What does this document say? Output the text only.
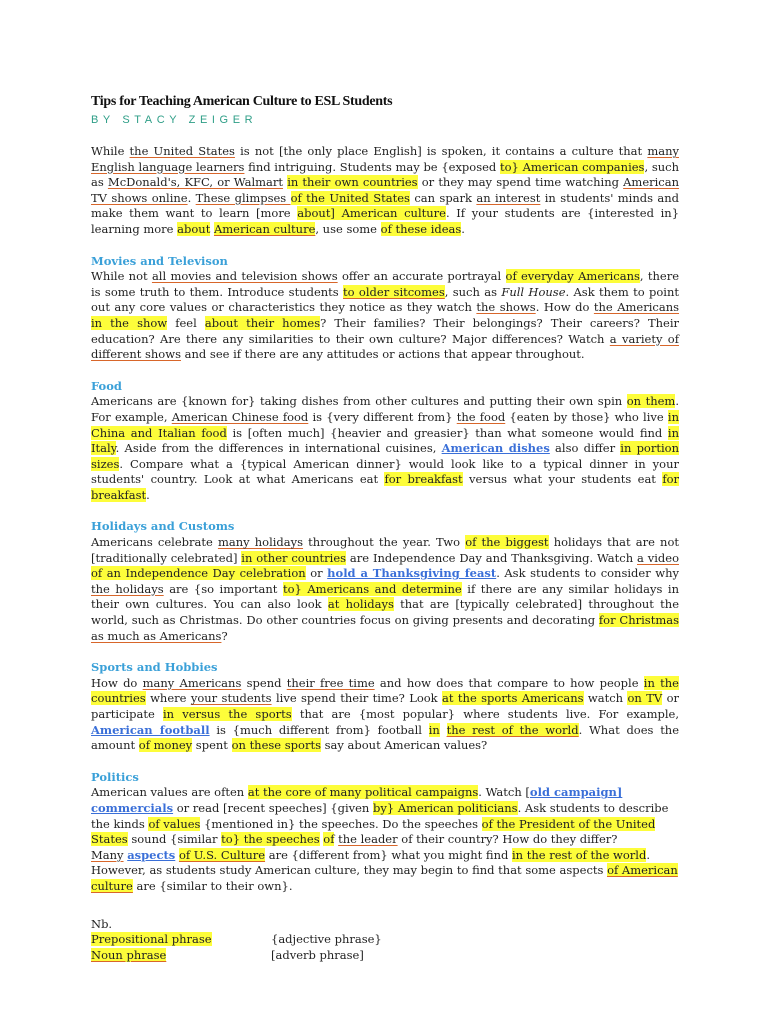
Tips for Teaching American Culture to ESL Students
BY STACY ZEIGER

While the United States is not [the only place English] is spoken, it contains a culture that many English language learners find intriguing. Students may be {exposed to} American companies, such as McDonald's, KFC, or Walmart in their own countries or they may spend time watching American TV shows online. These glimpses of the United States can spark an interest in students' minds and make them want to learn [more about] American culture. If your students are {interested in} learning more about American culture, use some of these ideas.

Movies and Televison

While not all movies and television shows offer an accurate portrayal of everyday Americans, there is some truth to them. Introduce students to older sitcomes, such as Full House. Ask them to point out any core values or characteristics they notice as they watch the shows. How do the Americans in the show feel about their homes? Their families? Their belongings? Their careers? Their education? Are there any similarities to their own culture? Major differences? Watch a variety of different shows and see if there are any attitudes or actions that appear throughout.

Food

Americans are {known for} taking dishes from other cultures and putting their own spin on them. For example, American Chinese food is {very different from} the food {eaten by those} who live in China and Italian food is [often much] {heavier and greasier} than what someone would find in Italy. Aside from the differences in international cuisines, American dishes also differ in portion sizes. Compare what a {typical American dinner} would look like to a typical dinner in your students' country. Look at what Americans eat for breakfast versus what your students eat for breakfast.

Holidays and Customs

Americans celebrate many holidays throughout the year. Two of the biggest holidays that are not [traditionally celebrated] in other countries are Independence Day and Thanksgiving. Watch a video of an Independence Day celebration or hold a Thanksgiving feast. Ask students to consider why the holidays are {so important to} Americans and determine if there are any similar holidays in their own cultures. You can also look at holidays that are [typically celebrated] throughout the world, such as Christmas. Do other countries focus on giving presents and decorating for Christmas as much as Americans?

Sports and Hobbies

How do many Americans spend their free time and how does that compare to how people in the countries where your students live spend their time? Look at the sports Americans watch on TV or participate in versus the sports that are {most popular} where students live. For example, American football is {much different from} football in the rest of the world. What does the amount of money spent on these sports say about American values?

Politics

American values are often at the core of many political campaigns. Watch [old campaign] commercials or read [recent speeches] {given by} American politicians. Ask students to describe the kinds of values {mentioned in} the speeches. Do the speeches of the President of the United States sound {similar to} the speeches of the leader of their country? How do they differ?
Many aspects of U.S. Culture are {different from} what you might find in the rest of the world. However, as students study American culture, they may begin to find that some aspects of American culture are {similar to their own}.

Nb.
Prepositional phrase	{adjective phrase}
Noun phrase	[adverb phrase]
